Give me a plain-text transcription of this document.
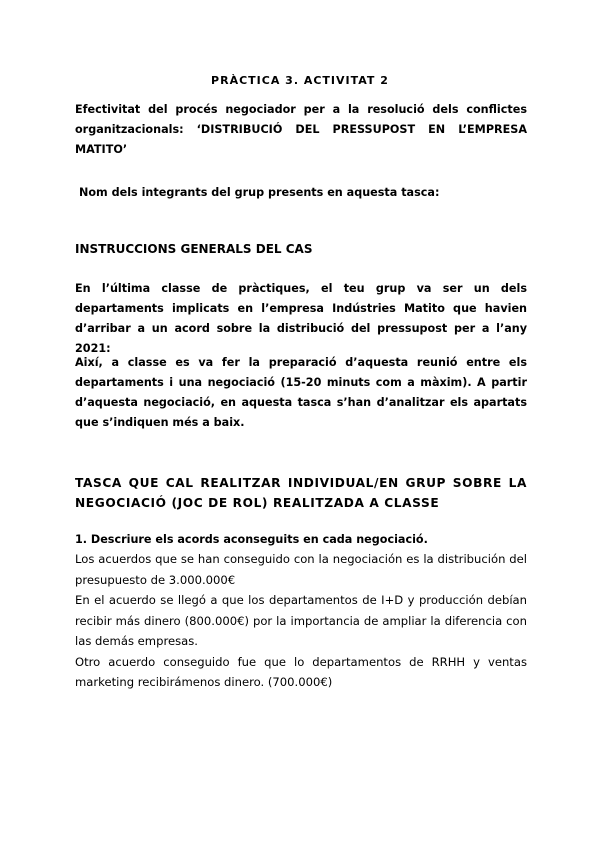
PRÀCTICA 3. ACTIVITAT 2
Efectivitat del procés negociador per a la resolució dels conflictes organitzacionals: ‘DISTRIBUCIÓ DEL PRESSUPOST EN L’EMPRESA MATITO’
Nom dels integrants del grup presents en aquesta tasca:
INSTRUCCIONS GENERALS DEL CAS
En l’última classe de pràctiques, el teu grup va ser un dels departaments implicats en l’empresa Indústries Matito que havien d’arribar a un acord sobre la distribució del pressupost per a l’any 2021:
Així, a classe es va fer la preparació d’aquesta reunió entre els departaments i una negociació (15-20 minuts com a màxim). A partir d’aquesta negociació, en aquesta tasca s’han d’analitzar els apartats que s’indiquen més a baix.
TASCA QUE CAL REALITZAR INDIVIDUAL/EN GRUP SOBRE LA NEGOCIACIÓ (JOC DE ROL) REALITZADA A CLASSE
1. Descriure els acords aconseguits en cada negociació.
Los acuerdos que se han conseguido con la negociación es la distribución del presupuesto de 3.000.000€
En el acuerdo se llegó a que los departamentos de I+D y producción debían recibir más dinero (800.000€) por la importancia de ampliar la diferencia con las demás empresas.
Otro acuerdo conseguido fue que lo departamentos de RRHH y ventas marketing recibirámenos dinero. (700.000€)
